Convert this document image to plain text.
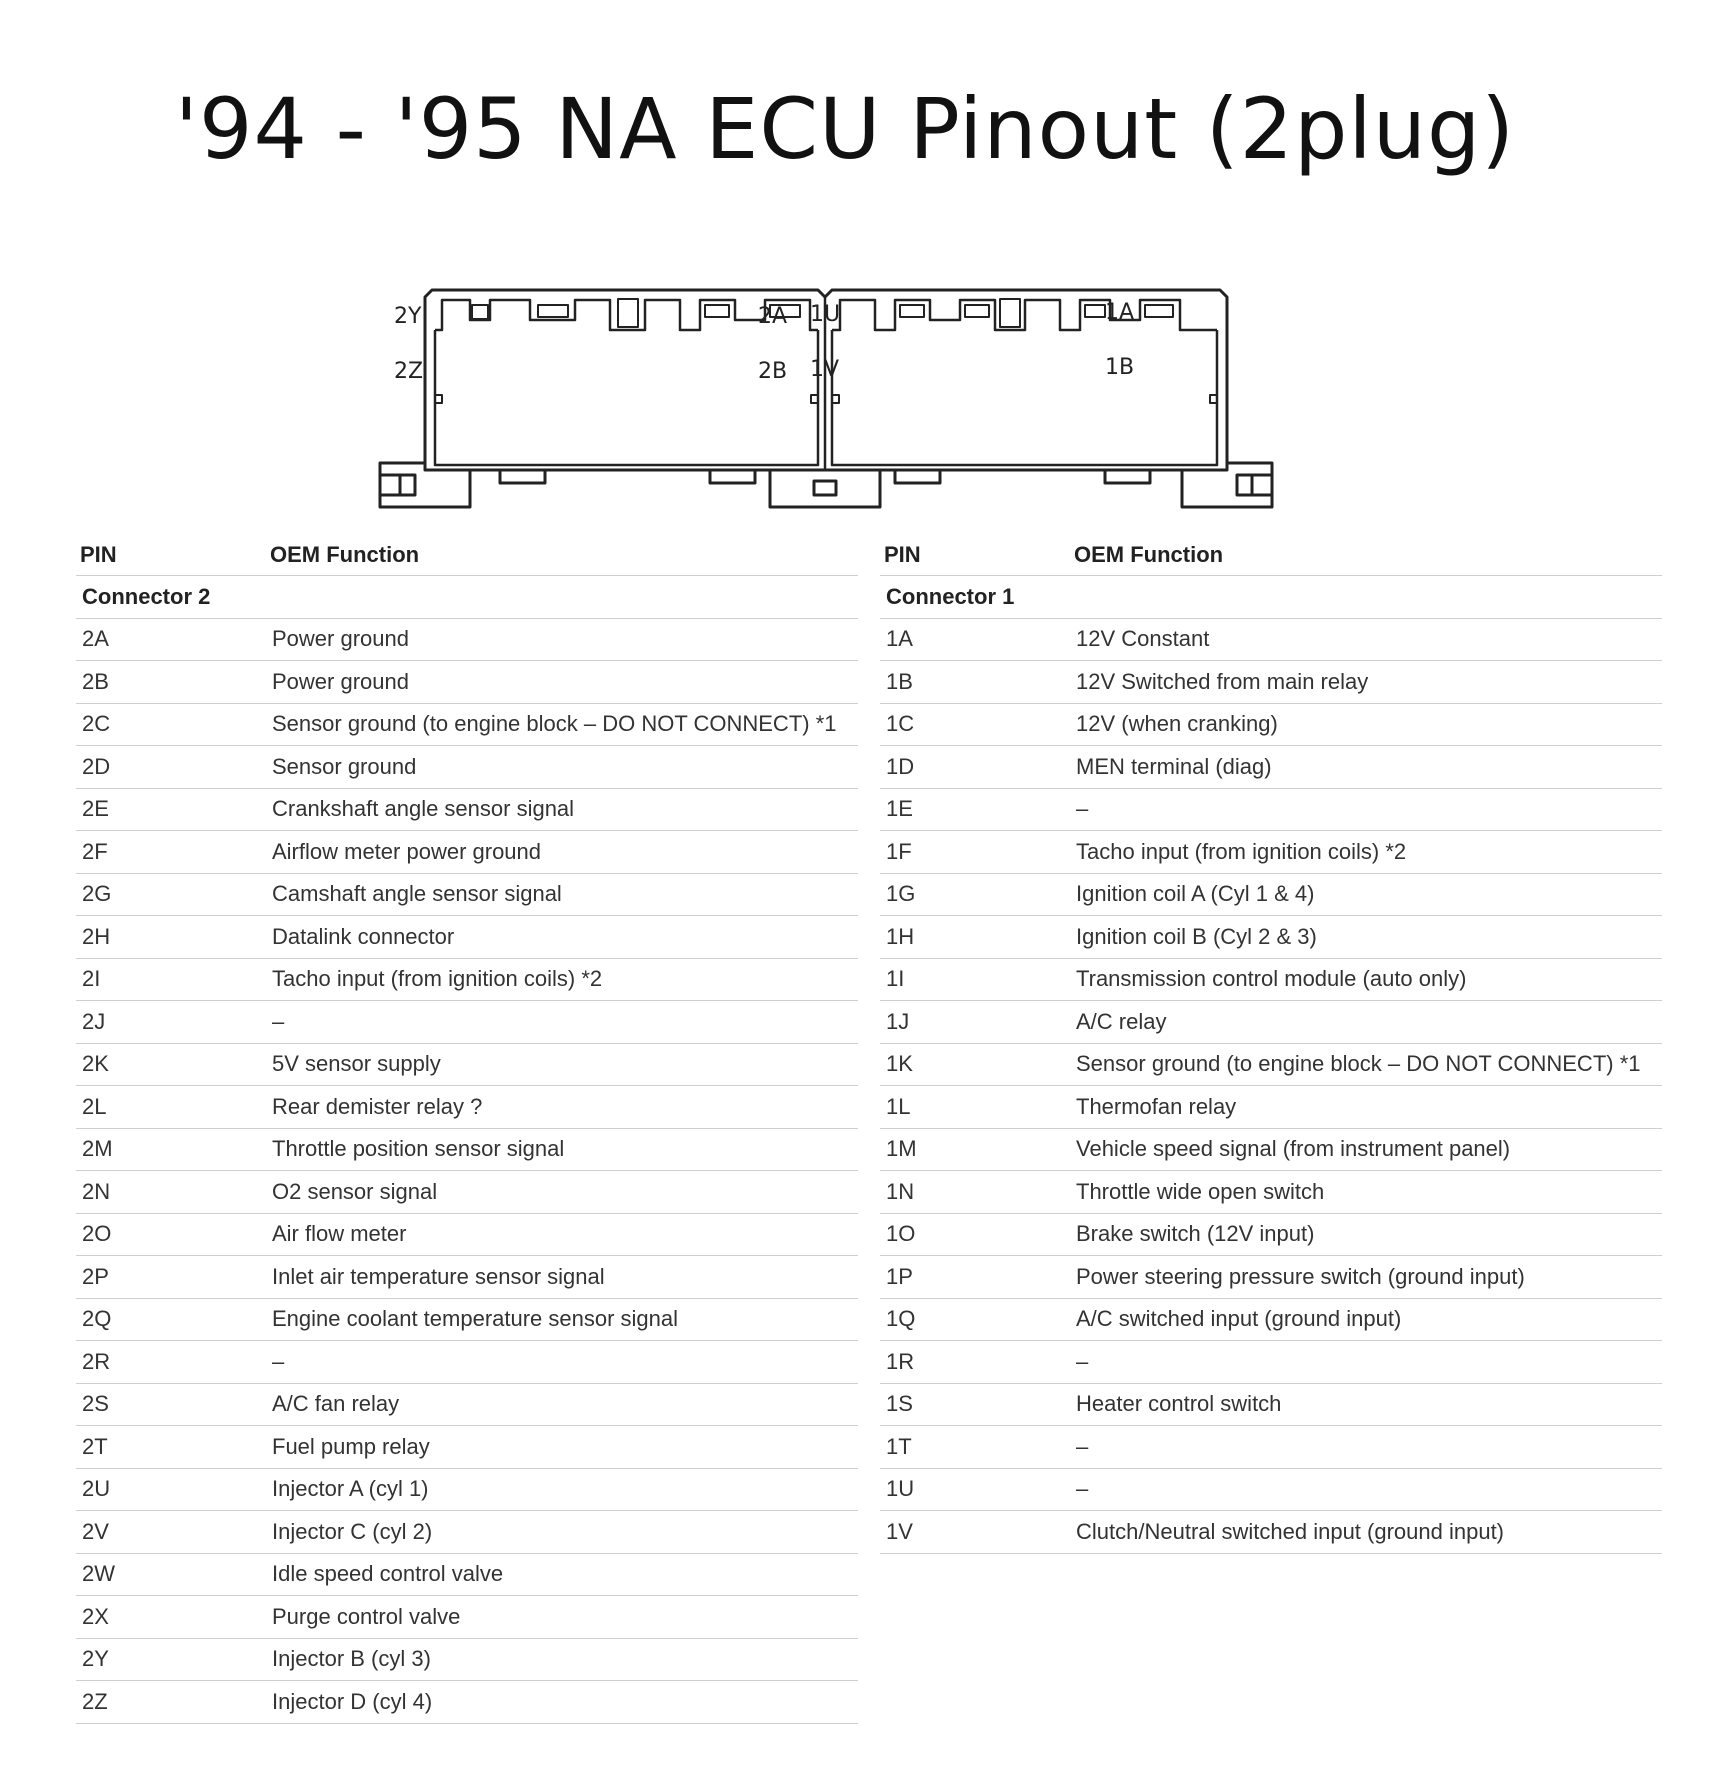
'94 - '95 NA ECU Pinout (2plug)
2Y	2A
2Z	2B
1U	1A
1V	1B
PIN	OEM Function
Connector 2	
2A	Power ground
2B	Power ground
2C	Sensor ground (to engine block – DO NOT CONNECT) *1
2D	Sensor ground
2E	Crankshaft angle sensor signal
2F	Airflow meter power ground
2G	Camshaft angle sensor signal
2H	Datalink connector
2I	Tacho input (from ignition coils) *2
2J	–
2K	5V sensor supply
2L	Rear demister relay ?
2M	Throttle position sensor signal
2N	O2 sensor signal
2O	Air flow meter
2P	Inlet air temperature sensor signal
2Q	Engine coolant temperature sensor signal
2R	–
2S	A/C fan relay
2T	Fuel pump relay
2U	Injector A (cyl 1)
2V	Injector C (cyl 2)
2W	Idle speed control valve
2X	Purge control valve
2Y	Injector B (cyl 3)
2Z	Injector D (cyl 4)
PIN	OEM Function
Connector 1	
1A	12V Constant
1B	12V Switched from main relay
1C	12V (when cranking)
1D	MEN terminal (diag)
1E	–
1F	Tacho input (from ignition coils) *2
1G	Ignition coil A (Cyl 1 & 4)
1H	Ignition coil B (Cyl 2 & 3)
1I	Transmission control module (auto only)
1J	A/C relay
1K	Sensor ground (to engine block – DO NOT CONNECT) *1
1L	Thermofan relay
1M	Vehicle speed signal (from instrument panel)
1N	Throttle wide open switch
1O	Brake switch (12V input)
1P	Power steering pressure switch (ground input)
1Q	A/C switched input (ground input)
1R	–
1S	Heater control switch
1T	–
1U	–
1V	Clutch/Neutral switched input (ground input)
